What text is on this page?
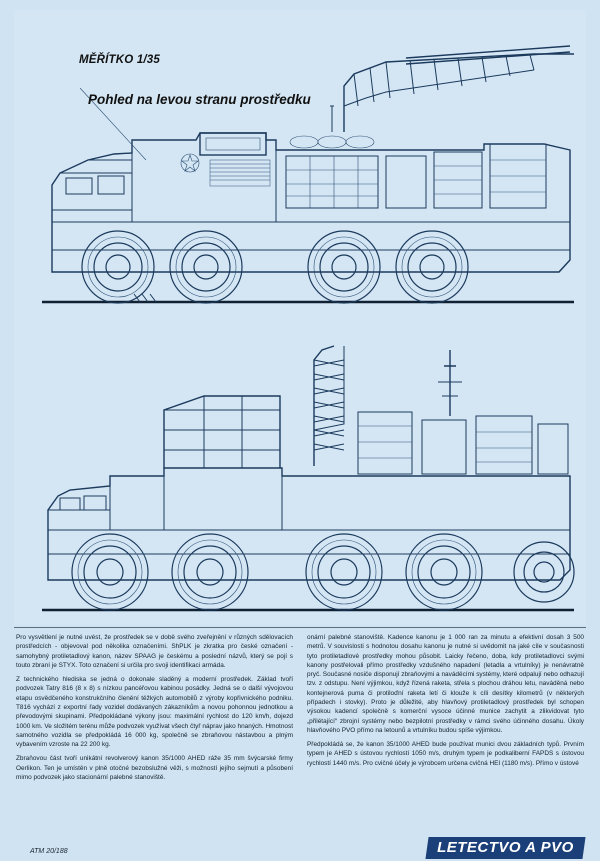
MĚŘÍTKO 1/35
Pohled na levou stranu prostředku

Pro vysvětlení je nutné uvést, že prostředek se v době svého zveřejnění v různých sdělovacích prostředcích - objevoval pod několika označeními. ShPLK je zkratka pro české označení - samohybný protiletadlový kanon, název SPAAG je českému a poslední názvů, který se pojí s touto zbraní je STYX. Toto označení si určila pro svoji identifikaci armáda.

Z technického hlediska se jedná o dokonale sladěný a moderní prostředek. Základ tvoří podvozek Tatry 816 (8 x 8) s nízkou pancéřovou kabinou posádky. Jedná se o další vývojovou etapu osvědčeného konstrukčního členění těžkých automobilů z výroby kopřivnického podniku. T816 vychází z exportní řady vozidel dodávaných zákazníkům a novou pohonnou jednotkou a převodovými skupinami. Předpokládané výkony jsou: maximální rychlost do 120 km/h, dojezd 1000 km. Ve složitém terénu může podvozek využívat všech čtyř náprav jako hnaných. Hmotnost samotného vozidla se předpokládá 16 000 kg, společně se zbraňovou nástavbou a plným vybavením vzroste na 22 200 kg.

Zbraňovou část tvoří unikátní revolverový kanon 35/1000 AHED ráže 35 mm švýcarské firmy Oerlikon. Ten je umístěn v plně otočné bezobslužné věži, s možností jejího sejmutí a působení mimo podvozek jako stacionární palebné stanoviště.

onární palebné stanoviště. Kadence kanonu je 1 000 ran za minutu a efektivní dosah 3 500 metrů. V souvislosti s hodnotou dosahu kanonu je nutné si uvědomit na jaké cíle v současnosti tyto protiletadlové prostředky mohou působit. Laicky řečeno, doba, kdy protiletadlovci svými kanony postřelovali přímo prostředky vzdušného napadení (letadla a vrtulníky) je nenávratně pryč. Současné nosiče disponují zbraňovými a naváděcími systémy, které odpalují nebo odhazují tzv. z odstupu. Není výjimkou, když řízená raketa, střela s plochou dráhou letu, naváděná nebo kontejnerová puma či protiloďní raketa letí či klouže k cíli desítky kilometrů (v některých případech i stovky). Proto je důležité, aby hlavňový protiletadlový prostředek byl schopen výsokou kadencí společně s komerční vysoce účinné munice zachytit a zlikvidovat tyto „přilétající“ zbrojní systémy nebo bezpilotní prostředky v rámci svého účinného dosahu. Úkoly hlavňového PVO přímo na letounů a vrtulníku budou spíše výjimkou.

Předpokládá se, že kanon 35/1000 AHED bude používat munici dvou základních typů. Prvním typem je AHED s ústovou rychlostí 1050 m/s, druhým typem je podkaliberní FAPDS s ústovou rychlostí 1440 m/s. Pro cvičné účely je výrobcem určena cvičná HEI (1180 m/s). Přímo v ústové

ATM 20/188	LETECTVO A PVO
